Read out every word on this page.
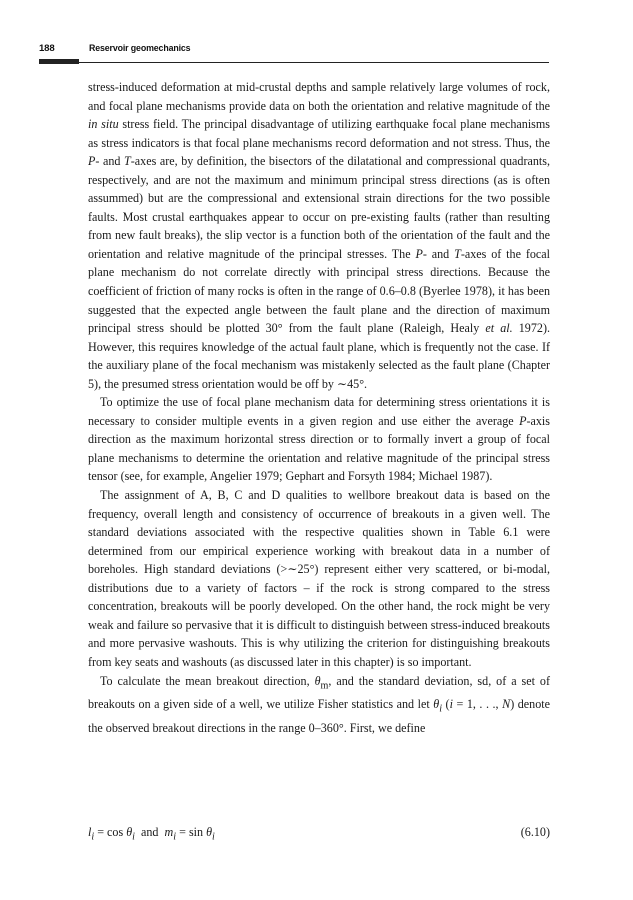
188	Reservoir geomechanics

stress-induced deformation at mid-crustal depths and sample relatively large volumes of rock, and focal plane mechanisms provide data on both the orientation and relative magnitude of the in situ stress field. The principal disadvantage of utilizing earthquake focal plane mechanisms as stress indicators is that focal plane mechanisms record deformation and not stress. Thus, the P- and T-axes are, by definition, the bisectors of the dilatational and compressional quadrants, respectively, and are not the maximum and minimum principal stress directions (as is often assummed) but are the compressional and extensional strain directions for the two possible faults. Most crustal earthquakes appear to occur on pre-existing faults (rather than resulting from new fault breaks), the slip vector is a function both of the orientation of the fault and the orientation and relative magnitude of the principal stresses. The P- and T-axes of the focal plane mechanism do not correlate directly with principal stress directions. Because the coefficient of friction of many rocks is often in the range of 0.6–0.8 (Byerlee 1978), it has been suggested that the expected angle between the fault plane and the direction of maximum principal stress should be plotted 30° from the fault plane (Raleigh, Healy et al. 1972). However, this requires knowledge of the actual fault plane, which is frequently not the case. If the auxiliary plane of the focal mechanism was mistakenly selected as the fault plane (Chapter 5), the presumed stress orientation would be off by ∼45°.

To optimize the use of focal plane mechanism data for determining stress orientations it is necessary to consider multiple events in a given region and use either the average P-axis direction as the maximum horizontal stress direction or to formally invert a group of focal plane mechanisms to determine the orientation and relative magnitude of the principal stress tensor (see, for example, Angelier 1979; Gephart and Forsyth 1984; Michael 1987).

The assignment of A, B, C and D qualities to wellbore breakout data is based on the frequency, overall length and consistency of occurrence of breakouts in a given well. The standard deviations associated with the respective qualities shown in Table 6.1 were determined from our empirical experience working with breakout data in a number of boreholes. High standard deviations (>∼25°) represent either very scattered, or bi-modal, distributions due to a variety of factors – if the rock is strong compared to the stress concentration, breakouts will be poorly developed. On the other hand, the rock might be very weak and failure so pervasive that it is difficult to distinguish between stress-induced breakouts and more pervasive washouts. This is why utilizing the criterion for distinguishing breakouts from key seats and washouts (as discussed later in this chapter) is so important.

To calculate the mean breakout direction, $\theta_m$, and the standard deviation, sd, of a set of breakouts on a given side of a well, we utilize Fisher statistics and let $\theta_i$ (i = 1, . . ., N) denote the observed breakout directions in the range 0–360°. First, we define

$l_i = \cos \theta_i$  and  $m_i = \sin \theta_i$	(6.10)
